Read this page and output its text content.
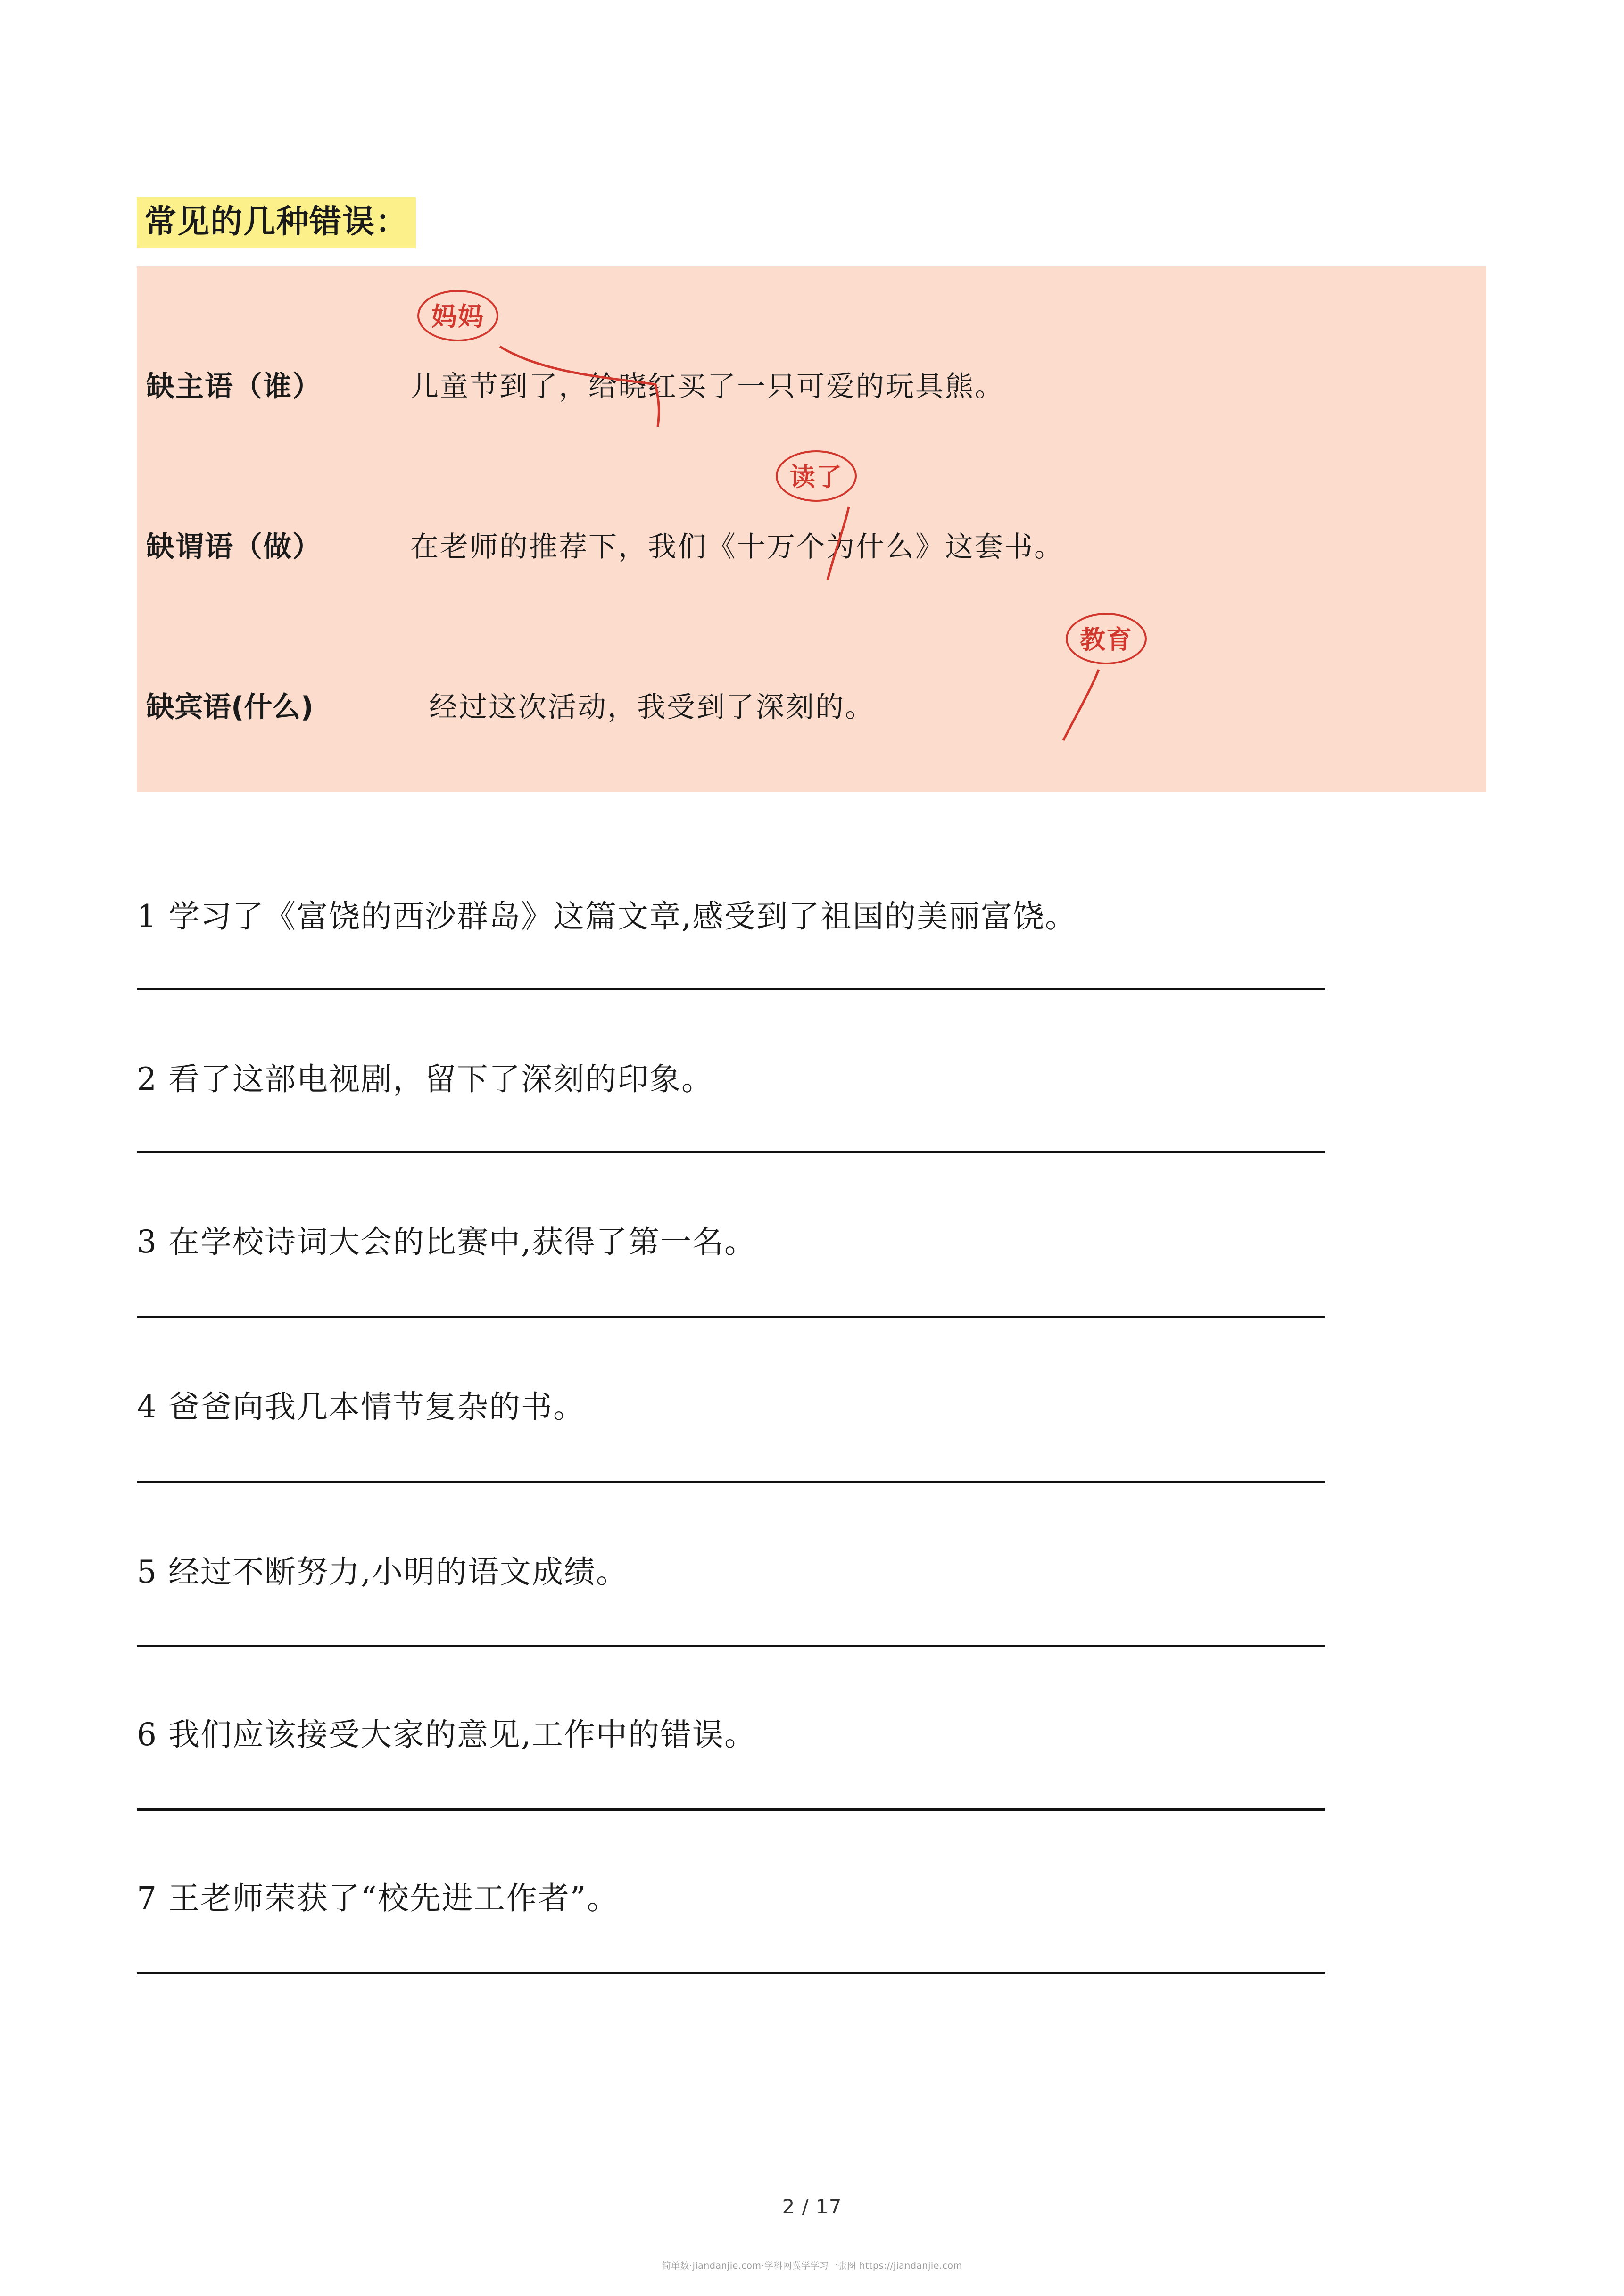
常见的几种错误：
缺主语（谁）	儿童节到了，给晓红买了一只可爱的玩具熊。
缺谓语（做）	在老师的推荐下，我们《十万个为什么》这套书。
缺宾语(什么)	经过这次活动，我受到了深刻的。
妈妈
读了
教育
1 学习了《富饶的西沙群岛》这篇文章,感受到了祖国的美丽富饶。
2 看了这部电视剧，留下了深刻的印象。
3 在学校诗词大会的比赛中,获得了第一名。
4 爸爸向我几本情节复杂的书。
5 经过不断努力,小明的语文成绩。
6 我们应该接受大家的意见,工作中的错误。
7 王老师荣获了“校先进工作者”。
2 / 17
简单数·jiandanjie.com·学科网冀学学习一张图 https://jiandanjie.com
